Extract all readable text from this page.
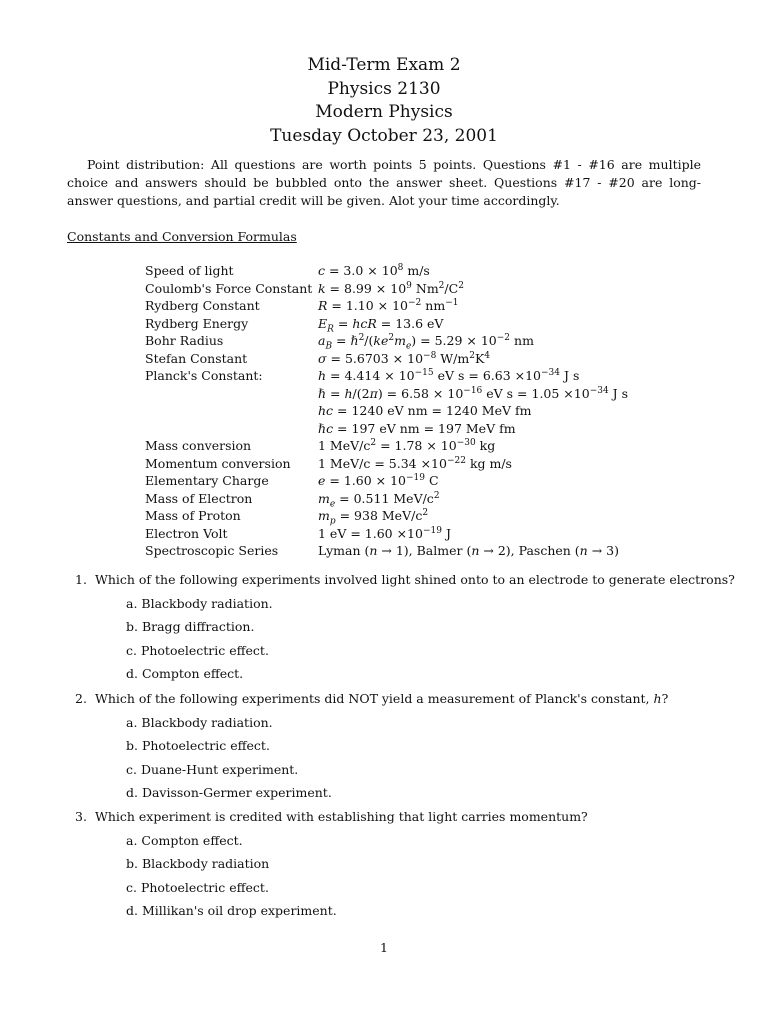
Mid-Term Exam 2
Physics 2130
Modern Physics
Tuesday October 23, 2001
Point distribution: All questions are worth points 5 points. Questions #1 - #16 are multiple choice and answers should be bubbled onto the answer sheet. Questions #17 - #20 are long-answer questions, and partial credit will be given. Alot your time accordingly.
Constants and Conversion Formulas
Speed of light	$c = 3.0 \times 10^8$ m/s
Coulomb's Force Constant	$k = 8.99 \times 10^9$ $Nm^2/C^2$
Rydberg Constant	$R = 1.10 \times 10^{-2}$ $nm^{-1}$
Rydberg Energy	$E_R$ = hcR = 13.6 eV
Bohr Radius	$a_B$ = $\hbar^2/(ke^2m_e) = 5.29 \times 10^{-2}$ nm
Stefan Constant	$\sigma = 5.6703 \times 10^{-8}$ $W/m^2K^4$
Planck's Constant:	$h = 4.414 \times 10^{-15}$ eV $s = 6.63 \times 10^{-34}$ J s
	ℏ = $h/(2\pi) = 6.58 \times 10^{-16}$ eV $s = 1.05 \times 10^{-34}$ J s
	hc = 1240 eV nm = 1240 MeV fm
	ℏc = 197 eV nm = 197 MeV fm
Mass conversion	1 MeV/$c^2 = 1.78 \times 10^{-30}$ kg
Momentum conversion	1 $MeV/c = 5.34 \times 10^{-22}$ kg m/s
Elementary Charge	$e = 1.60 \times 10^{-19}$ C
Mass of Electron	$m_e = 0.511$ MeV/$c^2$
Mass of Proton	$m_p = 938$ MeV/$c^2$
Electron Volt	1 eV = $1.60 \times 10^{-19}$ J
Spectroscopic Series	Lyman (n → 1), Balmer (n → 2), Paschen (n → 3)
1. Which of the following experiments involved light shined onto to an electrode to generate electrons?
a. Blackbody radiation.
b. Bragg diffraction.
c. Photoelectric effect.
d. Compton effect.
2. Which of the following experiments did NOT yield a measurement of Planck's constant, h?
a. Blackbody radiation.
b. Photoelectric effect.
c. Duane-Hunt experiment.
d. Davisson-Germer experiment.
3. Which experiment is credited with establishing that light carries momentum?
a. Compton effect.
b. Blackbody radiation
c. Photoelectric effect.
d. Millikan's oil drop experiment.
1
